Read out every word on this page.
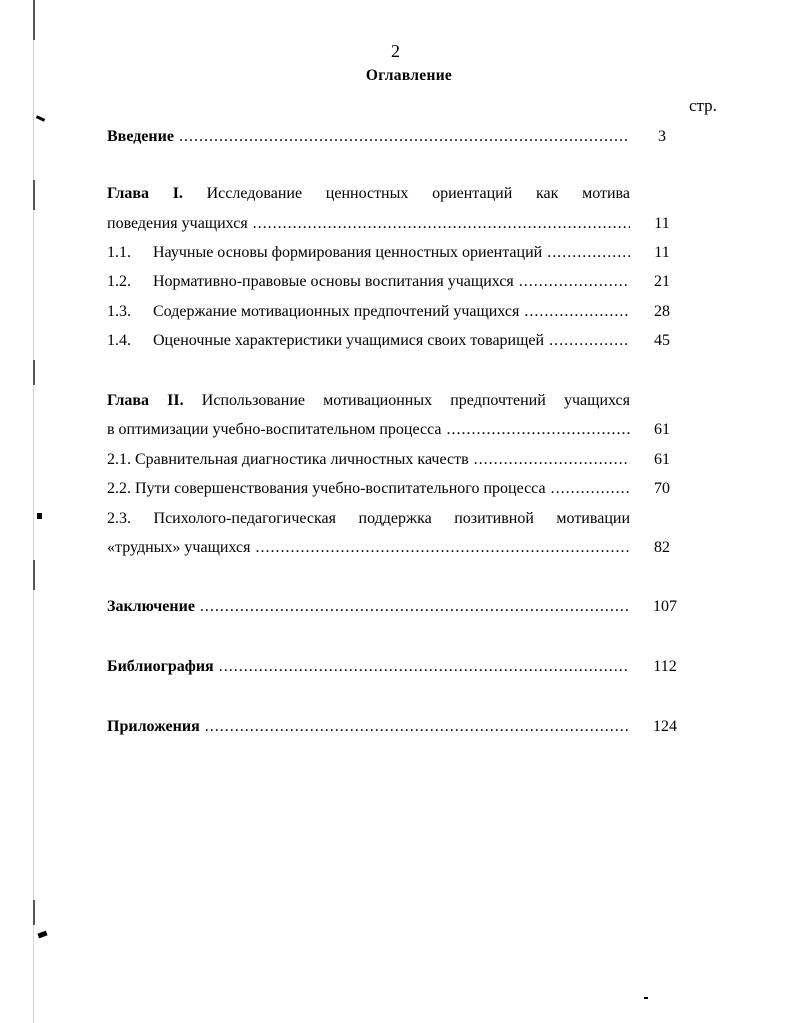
2
Оглавление
стр.
Введение .....	3
Глава I. Исследование ценностных ориентаций как мотива
поведения учащихся .....	11
1.1. Научные основы формирования ценностных ориентаций .....	11
1.2. Нормативно-правовые основы воспитания учащихся .....	21
1.3. Содержание мотивационных предпочтений учащихся .....	28
1.4. Оценочные характеристики учащимися своих товарищей .....	45
Глава II. Использование мотивационных предпочтений учащихся
в оптимизации учебно-воспитательном процесса .....	61
2.1. Сравнительная диагностика личностных качеств .....	61
2.2. Пути совершенствования учебно-воспитательного процесса .....	70
2.3. Психолого-педагогическая поддержка позитивной мотивации
«трудных» учащихся .....	82
Заключение .....	107
Библиография .....	112
Приложения .....	124
